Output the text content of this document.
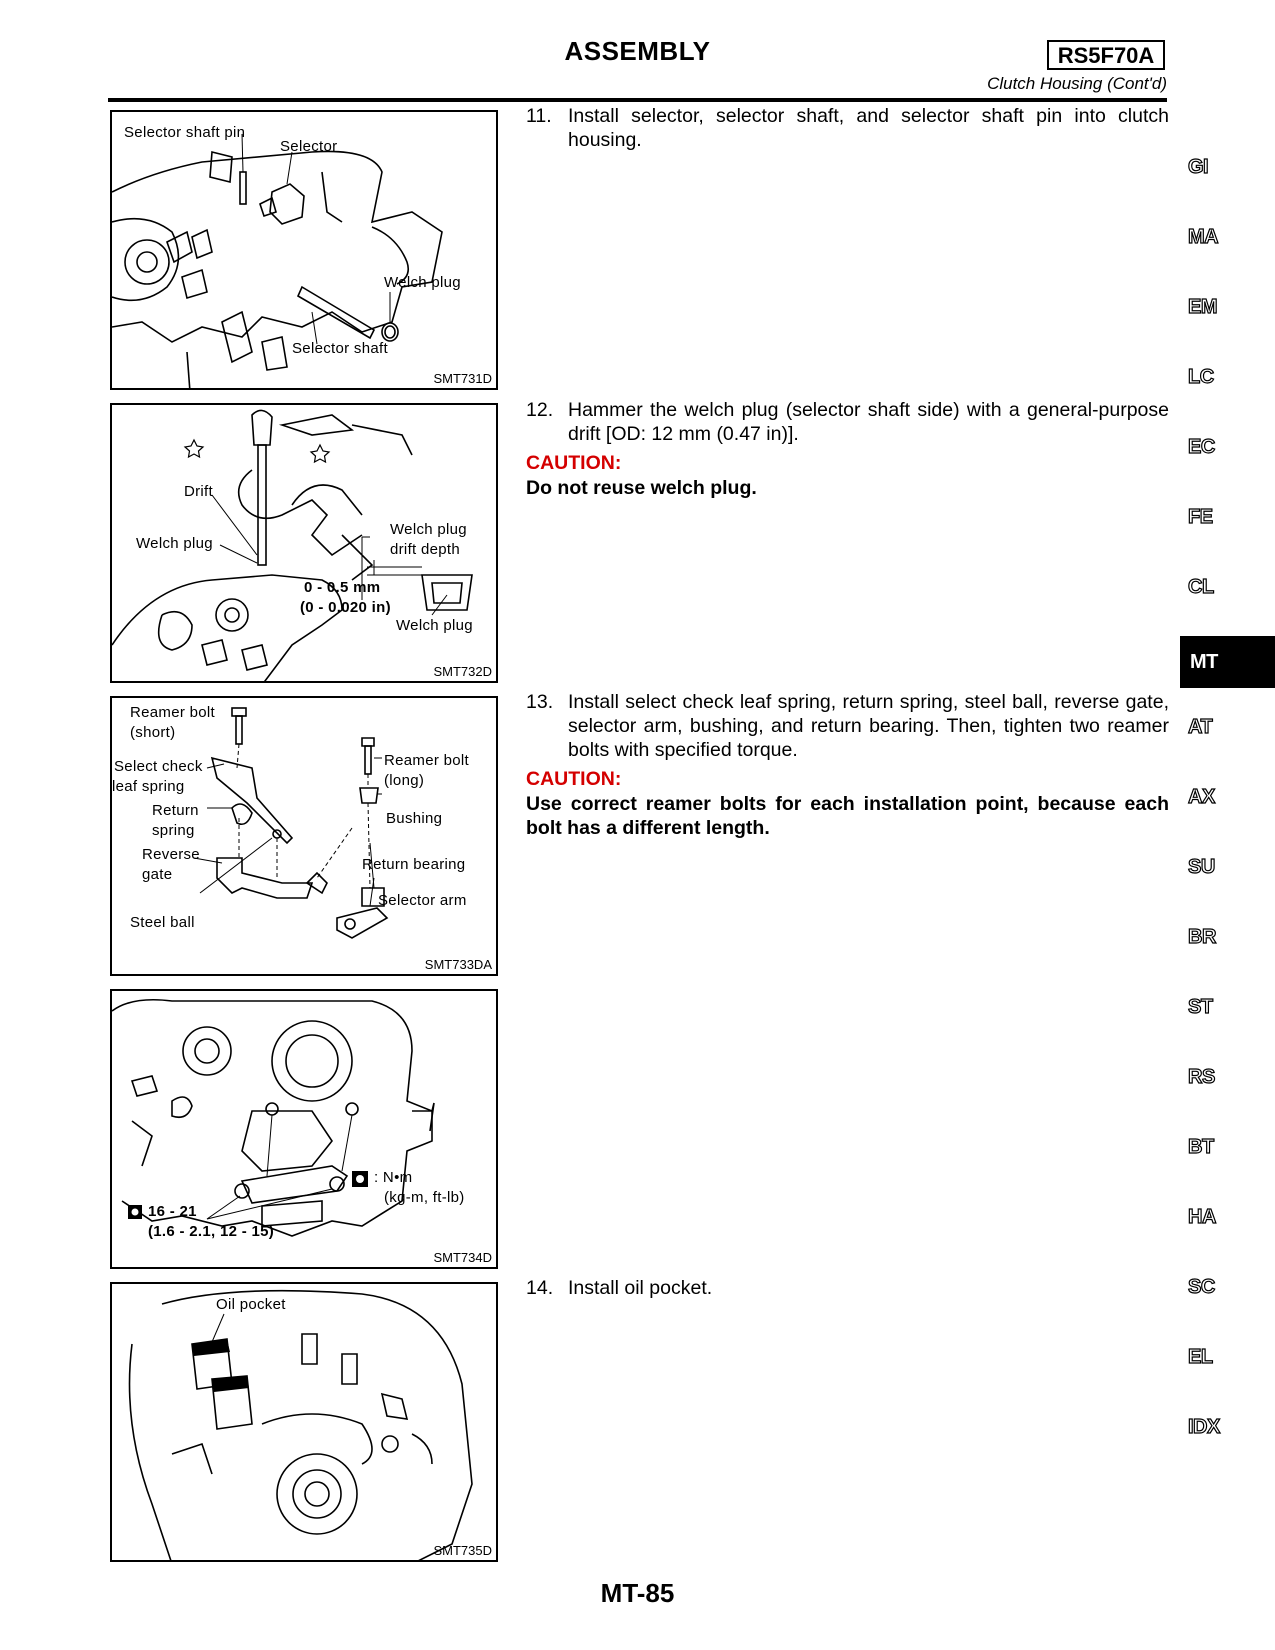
ASSEMBLY	RS5F70A
Clutch Housing (Cont'd)
Selector shaft pin
Selector
Welch plug
Selector shaft
SMT731D
Drift
Welch plug
Welch plug
drift depth
0 - 0.5 mm
(0 - 0.020 in)
Welch plug
SMT732D
Reamer bolt
(short)
Select check
leaf spring
Return
spring
Reverse
gate
Steel ball
Reamer bolt
(long)
Bushing
Return bearing
Selector arm
SMT733DA
: N•m
(kg-m, ft-lb)
16 - 21
(1.6 - 2.1, 12 - 15)
SMT734D
Oil pocket
SMT735D
11. Install selector, selector shaft, and selector shaft pin into clutch housing.
12. Hammer the welch plug (selector shaft side) with a general-purpose drift [OD: 12 mm (0.47 in)].
CAUTION:
Do not reuse welch plug.
13. Install select check leaf spring, return spring, steel ball, reverse gate, selector arm, bushing, and return bearing. Then, tighten two reamer bolts with specified torque.
CAUTION:
Use correct reamer bolts for each installation point, because each bolt has a different length.
14. Install oil pocket.
GI
MA
EM
LC
EC
FE
CL
MT
AT
AX
SU
BR
ST
RS
BT
HA
SC
EL
IDX
MT-85
